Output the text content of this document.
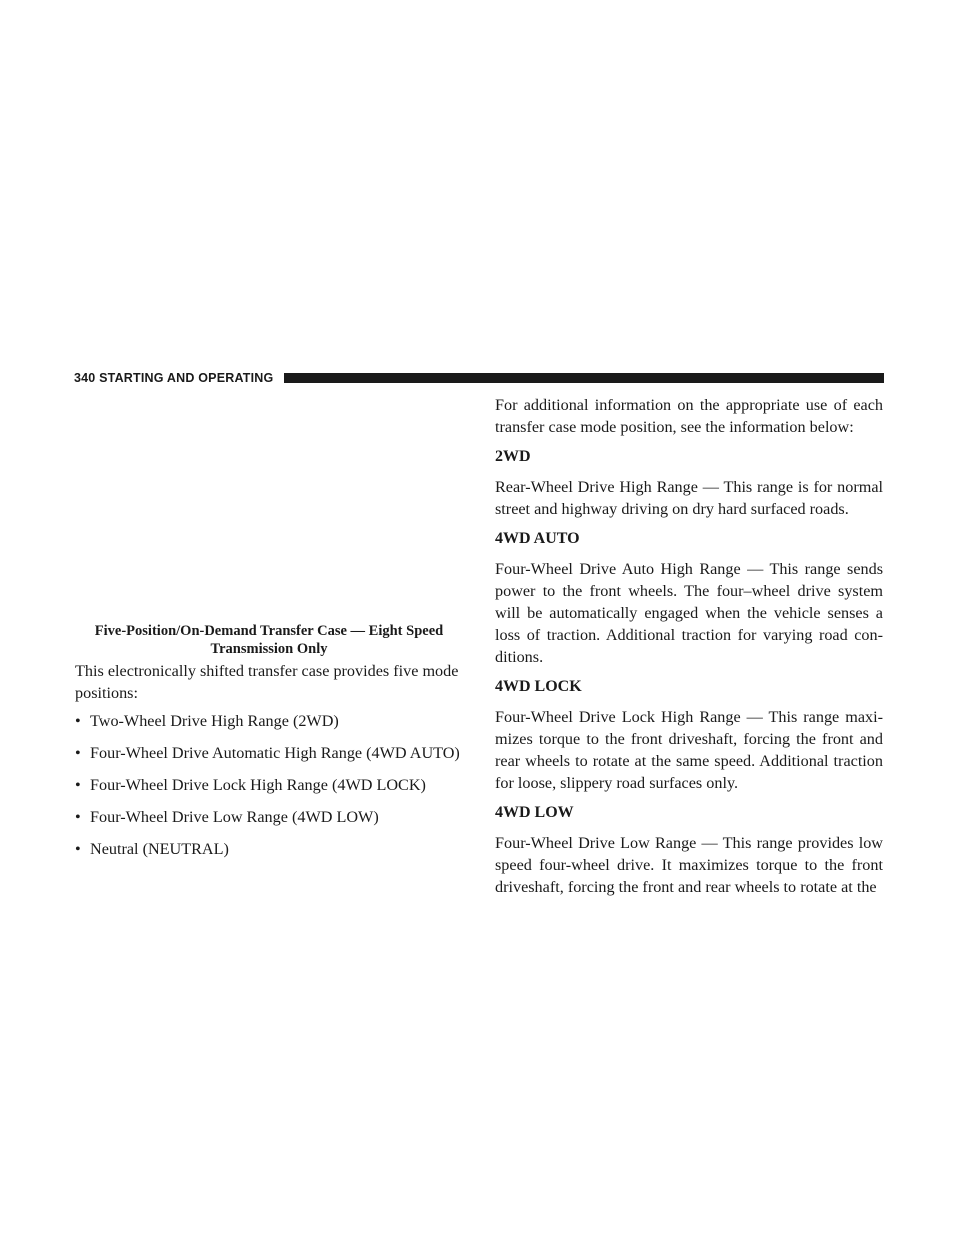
340 STARTING AND OPERATING
Five-Position/On-Demand Transfer Case — Eight Speed
Transmission Only

This electronically shifted transfer case provides five mode positions:

• Two-Wheel Drive High Range (2WD)
• Four-Wheel Drive Automatic High Range (4WD AUTO)
• Four-Wheel Drive Lock High Range (4WD LOCK)
• Four-Wheel Drive Low Range (4WD LOW)
• Neutral (NEUTRAL)

For additional information on the appropriate use of each transfer case mode position, see the information below:

2WD

Rear-Wheel Drive High Range — This range is for normal street and highway driving on dry hard surfaced roads.

4WD AUTO

Four-Wheel Drive Auto High Range — This range sends power to the front wheels. The four–wheel drive system will be automatically engaged when the vehicle senses a loss of traction. Additional traction for varying road con-ditions.

4WD LOCK

Four-Wheel Drive Lock High Range — This range maxi-mizes torque to the front driveshaft, forcing the front and rear wheels to rotate at the same speed. Additional traction for loose, slippery road surfaces only.

4WD LOW

Four-Wheel Drive Low Range — This range provides low speed four-wheel drive. It maximizes torque to the front driveshaft, forcing the front and rear wheels to rotate at the
